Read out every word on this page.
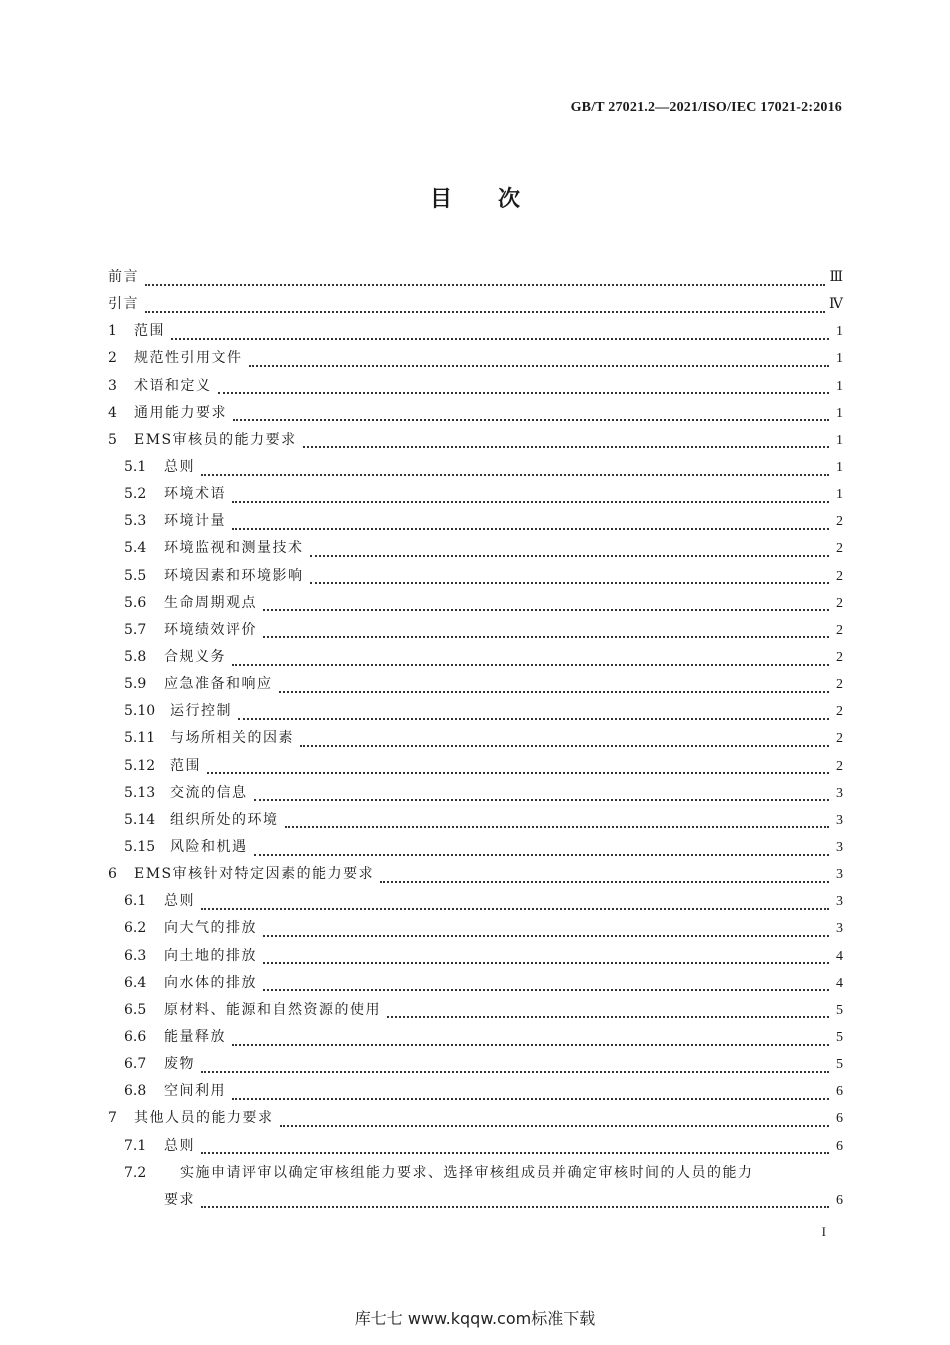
GB/T 27021.2—2021/ISO/IEC 17021-2:2016
目次
前言	Ⅲ
引言	Ⅳ
1	范围	1
2	规范性引用文件	1
3	术语和定义	1
4	通用能力要求	1
5	EMS审核员的能力要求	1
5.1	总则	1
5.2	环境术语	1
5.3	环境计量	2
5.4	环境监视和测量技术	2
5.5	环境因素和环境影响	2
5.6	生命周期观点	2
5.7	环境绩效评价	2
5.8	合规义务	2
5.9	应急准备和响应	2
5.10	运行控制	2
5.11	与场所相关的因素	2
5.12	范围	2
5.13	交流的信息	3
5.14	组织所处的环境	3
5.15	风险和机遇	3
6	EMS审核针对特定因素的能力要求	3
6.1	总则	3
6.2	向大气的排放	3
6.3	向土地的排放	4
6.4	向水体的排放	4
6.5	原材料、能源和自然资源的使用	5
6.6	能量释放	5
6.7	废物	5
6.8	空间利用	6
7	其他人员的能力要求	6
7.1	总则	6
7.2	实施申请评审以确定审核组能力要求、选择审核组成员并确定审核时间的人员的能力
要求	6
I
库七七 www.kqqw.com标准下载
